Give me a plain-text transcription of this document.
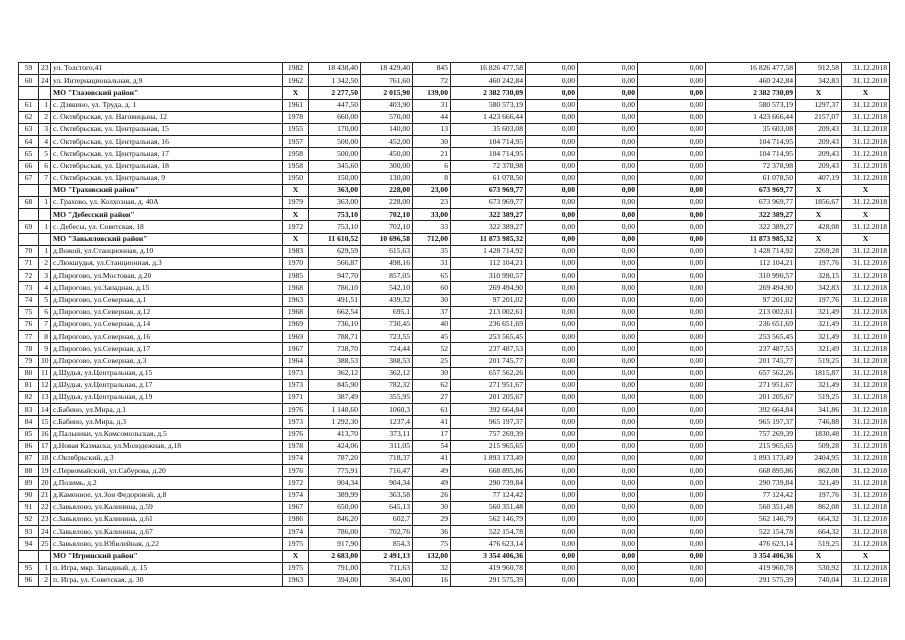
59	23	ул. Толстого,41	1982	18 438,40	18 429,40	845	16 826 477,58	0,00	0,00	0,00	16 826 477,58	912,58	31.12.2018
60	24	ул. Интернациональная, д.9	1962	1 342,50	761,60	72	460 242,84	0,00	0,00	0,00	460 242,84	342,83	31.12.2018
		МО "Глазовский район"	X	2 277,50	2 015,90	139,00	2 382 730,09	0,00	0,00	0,00	2 382 730,09	X	X
61	1	с. Дзякино, ул. Труда, д. 1	1961	447,50	403,90	31	580 573,19	0,00	0,00	0,00	580 573,19	1297,37	31.12.2018
62	2	с. Октябрьская, ул. Наговицына, 12	1978	660,00	570,00	44	1 423 666,44	0,00	0,00	0,00	1 423 666,44	2157,07	31.12.2018
63	3	с. Октябрьская, ул. Центральная, 15	1955	170,00	140,00	13	35 603,08	0,00	0,00	0,00	35 603,08	209,43	31.12.2018
64	4	с. Октябрьская, ул. Центральная, 16	1957	500,00	452,00	30	104 714,95	0,00	0,00	0,00	104 714,95	209,43	31.12.2018
65	5	с. Октябрьская, ул. Центральная, 17	1958	500,00	450,00	21	104 714,95	0,00	0,00	0,00	104 714,95	209,43	31.12.2018
66	6	с. Октябрьская, ул. Центральная, 18	1958	345,60	300,00	6	72 378,98	0,00	0,00	0,00	72 378,98	209,43	31.12.2018
67	7	с. Октябрьская, ул. Центральная, 9	1950	150,00	130,00	8	61 078,50	0,00	0,00	0,00	61 078,50	407,19	31.12.2018
		МО "Граховский район"	X	363,00	228,00	23,00	673 969,77	0,00	0,00	0,00	673 969,77	X	X
68	1	с. Грахово, ул. Колхозная, д. 40А	1979	363,00	228,00	23	673 969,77	0,00	0,00	0,00	673 969,77	1856,67	31.12.2018
		МО "Дебесский район"	X	753,10	702,10	33,00	322 389,27	0,00	0,00	0,00	322 389,27	X	X
69	1	с. Дебесы, ул. Советская, 18	1972	753,10	702,10	33	322 389,27	0,00	0,00	0,00	322 389,27	428,08	31.12.2018
		МО "Завьяловский район"	X	11 610,52	10 696,58	712,00	11 873 985,32	0,00	0,00	0,00	11 873 985,32	X	X
70	1	д.Вожой, ул.Станционная, д.10	1983	629,59	615,63	35	1 428 714,92	0,00	0,00	0,00	1 428 714,92	2269,28	31.12.2018
71	2	с.Люкшудья, ул.Станционная, д.3	1970	566,87	498,16	31	112 104,21	0,00	0,00	0,00	112 104,21	197,76	31.12.2018
72	3	д.Пирогово, ул.Мостовая, д.20	1985	947,70	857,05	65	310 990,57	0,00	0,00	0,00	310 990,57	328,15	31.12.2018
73	4	д.Пирогово, ул.Западная, д.15	1968	786,10	542,10	60	269 494,90	0,00	0,00	0,00	269 494,90	342,83	31.12.2018
74	5	д.Пирогово, ул.Северная, д.1	1963	491,51	439,32	30	97 201,02	0,00	0,00	0,00	97 201,02	197,76	31.12.2018
75	6	д.Пирогово, ул.Северная, д.12	1968	662,54	695,1	37	213 002,61	0,00	0,00	0,00	213 002,61	321,49	31.12.2018
76	7	д.Пирогово, ул.Северная, д.14	1969	736,10	730,45	40	236 651,69	0,00	0,00	0,00	236 651,69	321,49	31.12.2018
77	8	д.Пирогово, ул.Северная, д.16	1969	788,71	723,55	45	253 565,45	0,00	0,00	0,00	253 565,45	321,49	31.12.2018
78	9	д.Пирогово, ул.Северная, д.17	1967	738,70	724,44	52	237 487,53	0,00	0,00	0,00	237 487,53	321,49	31.12.2018
79	10	д.Пирогово, ул.Северная, д.3	1964	388,53	388,53	25	201 745,77	0,00	0,00	0,00	201 745,77	519,25	31.12.2018
80	11	д.Шудья, ул.Центральная, д.15	1973	362,12	362,12	30	657 562,26	0,00	0,00	0,00	657 562,26	1815,87	31.12.2018
81	12	д.Шудья, ул.Центральная, д.17	1973	845,90	782,32	62	271 951,67	0,00	0,00	0,00	271 951,67	321,49	31.12.2018
82	13	д.Шудья, ул.Центральная, д.19	1971	387,49	355,95	27	201 205,67	0,00	0,00	0,00	201 205,67	519,25	31.12.2018
83	14	с.Бабино, ул.Мира, д.1	1976	1 148,60	1060,3	61	392 664,84	0,00	0,00	0,00	392 664,84	341,86	31.12.2018
84	15	с.Бабино, ул.Мира, д.3	1973	1 292,30	1237,4	41	965 197,37	0,00	0,00	0,00	965 197,37	746,88	31.12.2018
85	16	д.Пальники, ул.Комсомольская, д.5	1976	413,70	373,11	17	757 269,39	0,00	0,00	0,00	757 269,39	1830,48	31.12.2018
86	17	д.Новая Казмаска, ул.Молодежная, д.18	1978	424,06	311,05	54	215 965,65	0,00	0,00	0,00	215 965,65	509,28	31.12.2018
87	18	с.Октябрьский, д.3	1974	787,20	718,37	41	1 893 173,49	0,00	0,00	0,00	1 893 173,49	2404,95	31.12.2018
88	19	с.Первомайский, ул.Сабурова, д.20	1976	775,91	716,47	49	668 895,86	0,00	0,00	0,00	668 895,86	862,08	31.12.2018
89	20	д.Позимь, д.2	1972	904,34	904,34	49	290 739,84	0,00	0,00	0,00	290 739,84	321,49	31.12.2018
90	21	д.Каменное, ул.Зои Федоровой, д.8	1974	389,99	363,58	26	77 124,42	0,00	0,00	0,00	77 124,42	197,76	31.12.2018
91	22	с.Завьялово, ул.Калинина, д.59	1967	650,00	645,13	30	560 351,48	0,00	0,00	0,00	560 351,48	862,08	31.12.2018
92	23	с.Завьялово, ул.Калинина, д.61	1986	846,20	602,7	29	562 146,79	0,00	0,00	0,00	562 146,79	664,32	31.12.2018
93	24	с.Завьялово, ул.Калинина, д.67	1974	786,00	702,76	36	522 154,78	0,00	0,00	0,00	522 154,78	664,32	31.12.2018
94	25	с.Завьялово, ул.Юбилейная, д.22	1975	917,90	854,3	75	476 623,14	0,00	0,00	0,00	476 623,14	519,25	31.12.2018
		МО "Игринский район"	X	2 683,00	2 491,13	132,00	3 354 406,36	0,00	0,00	0,00	3 354 406,36	X	X
95	1	п. Игра, мкр. Западный, д. 15	1975	791,00	711,63	32	419 960,78	0,00	0,00	0,00	419 960,78	530,92	31.12.2018
96	2	п. Игра, ул. Советская, д. 30	1963	394,00	364,00	16	291 575,39	0,00	0,00	0,00	291 575,39	740,04	31.12.2018
